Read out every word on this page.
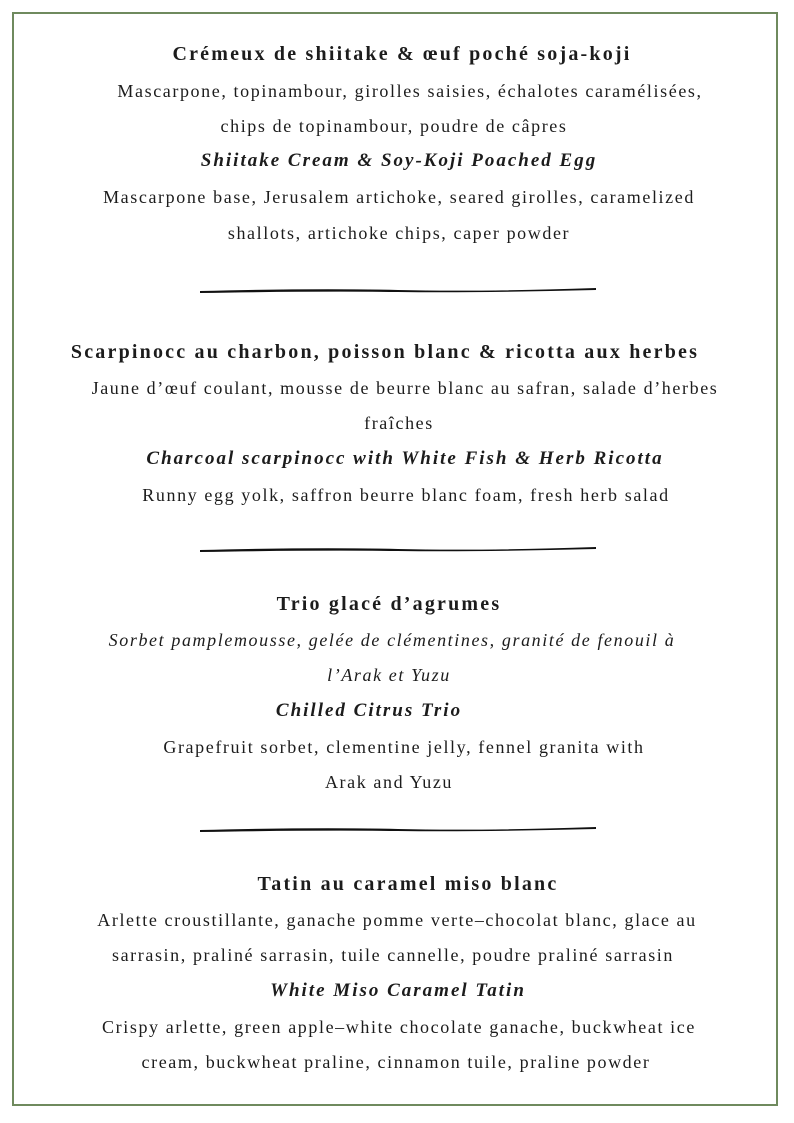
Crémeux de shiitake & œuf poché soja-koji
Mascarpone, topinambour, girolles saisies, échalotes caramélisées,
chips de topinambour, poudre de câpres
Shiitake Cream & Soy-Koji Poached Egg
Mascarpone base, Jerusalem artichoke, seared girolles, caramelized
shallots, artichoke chips, caper powder
Scarpinocc au charbon, poisson blanc & ricotta aux herbes
Jaune d’œuf coulant, mousse de beurre blanc au safran, salade d’herbes
fraîches
Charcoal scarpinocc with White Fish & Herb Ricotta
Runny egg yolk, saffron beurre blanc foam, fresh herb salad
Trio glacé d’agrumes
Sorbet pamplemousse, gelée de clémentines, granité de fenouil à
l’Arak et Yuzu
Chilled Citrus Trio
Grapefruit sorbet, clementine jelly, fennel granita with
Arak and Yuzu
Tatin au caramel miso blanc
Arlette croustillante, ganache pomme verte–chocolat blanc, glace au
sarrasin, praliné sarrasin, tuile cannelle, poudre praliné sarrasin
White Miso Caramel Tatin
Crispy arlette, green apple–white chocolate ganache, buckwheat ice
cream, buckwheat praline, cinnamon tuile, praline powder
